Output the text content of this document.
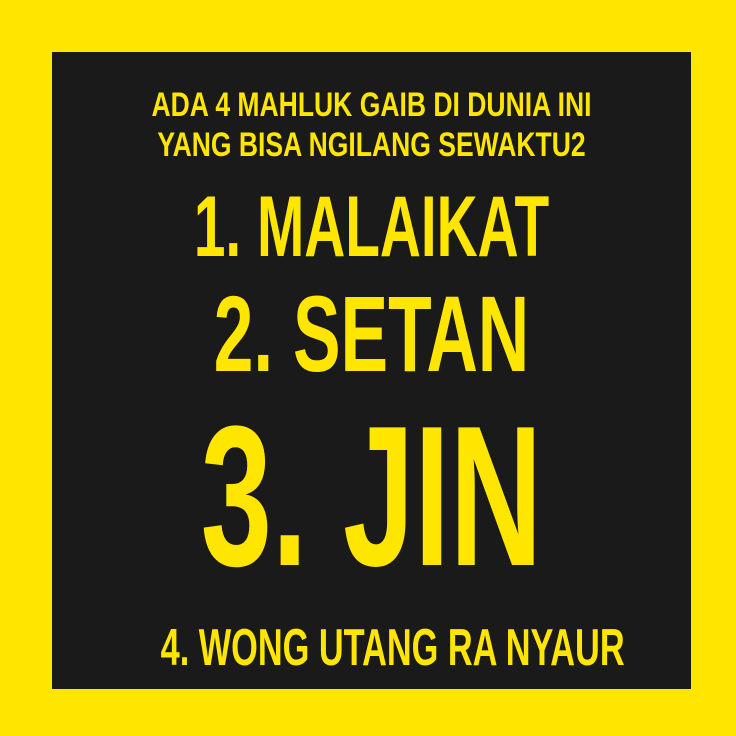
ADA 4 MAHLUK GAIB DI DUNIA INI
YANG BISA NGILANG SEWAKTU2
1. MALAIKAT
2. SETAN
3. JIN
4. WONG UTANG RA NYAUR
